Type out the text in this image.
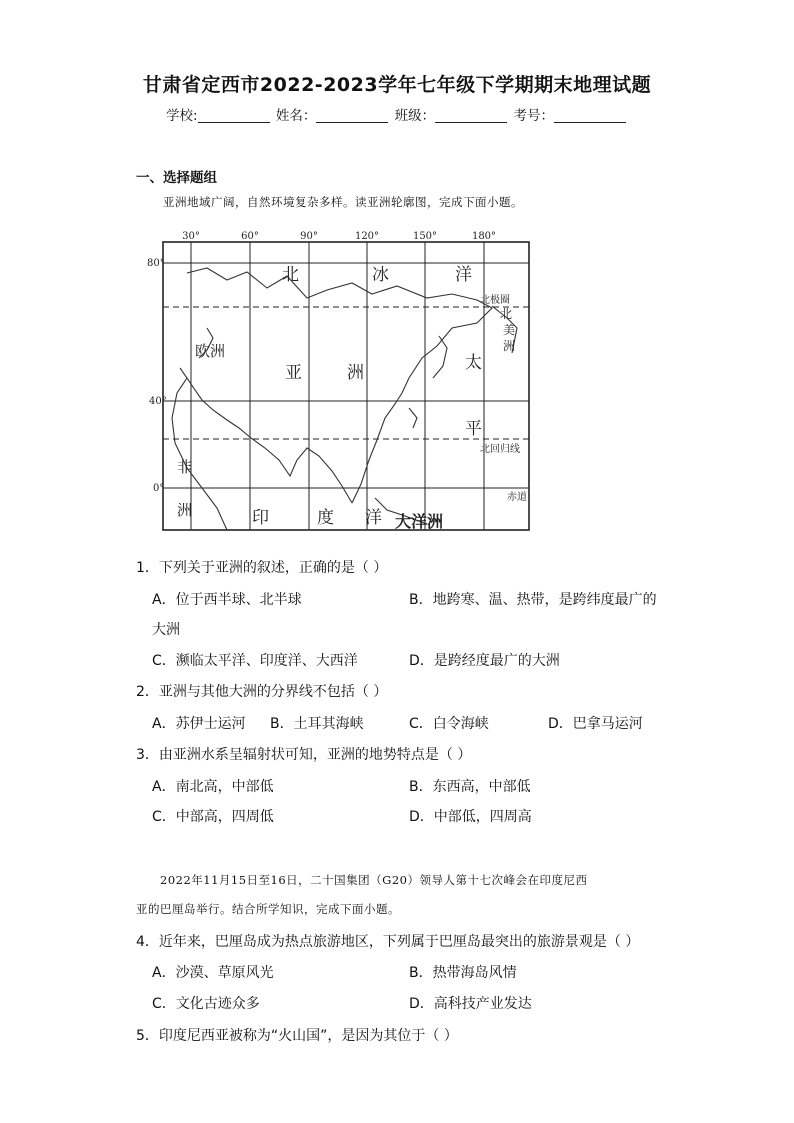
甘肃省定西市2022-2023学年七年级下学期期末地理试题
学校:	姓名：	班级：	考号：
一、选择题组
亚洲地域广阔，自然环境复杂多样。读亚洲轮廓图，完成下面小题。
30°	60°	90°	120°	150°	180°
80°
40°
0°
欧洲
亚	洲
非
洲
北	冰	洋
北极圈
北
美
洲
太
平
北回归线
赤道
印	度 洋 大洋洲
1．下列关于亚洲的叙述，正确的是（ ）
A．位于西半球、北半球	B．地跨寒、温、热带，是跨纬度最广的
大洲
C．濒临太平洋、印度洋、大西洋	D．是跨经度最广的大洲
2．亚洲与其他大洲的分界线不包括（ ）
A．苏伊士运河 B．土耳其海峡	C．白令海峡	D．巴拿马运河
3．由亚洲水系呈辐射状可知，亚洲的地势特点是（ ）
A．南北高，中部低	B．东西高，中部低
C．中部高，四周低	D．中部低，四周高
2022年11月15日至16日，二十国集团（G20）领导人第十七次峰会在印度尼西
亚的巴厘岛举行。结合所学知识，完成下面小题。
4．近年来，巴厘岛成为热点旅游地区，下列属于巴厘岛最突出的旅游景观是（ ）
A．沙漠、草原风光	B．热带海岛风情
C．文化古迹众多	D．高科技产业发达
5．印度尼西亚被称为“火山国”，是因为其位于（ ）
